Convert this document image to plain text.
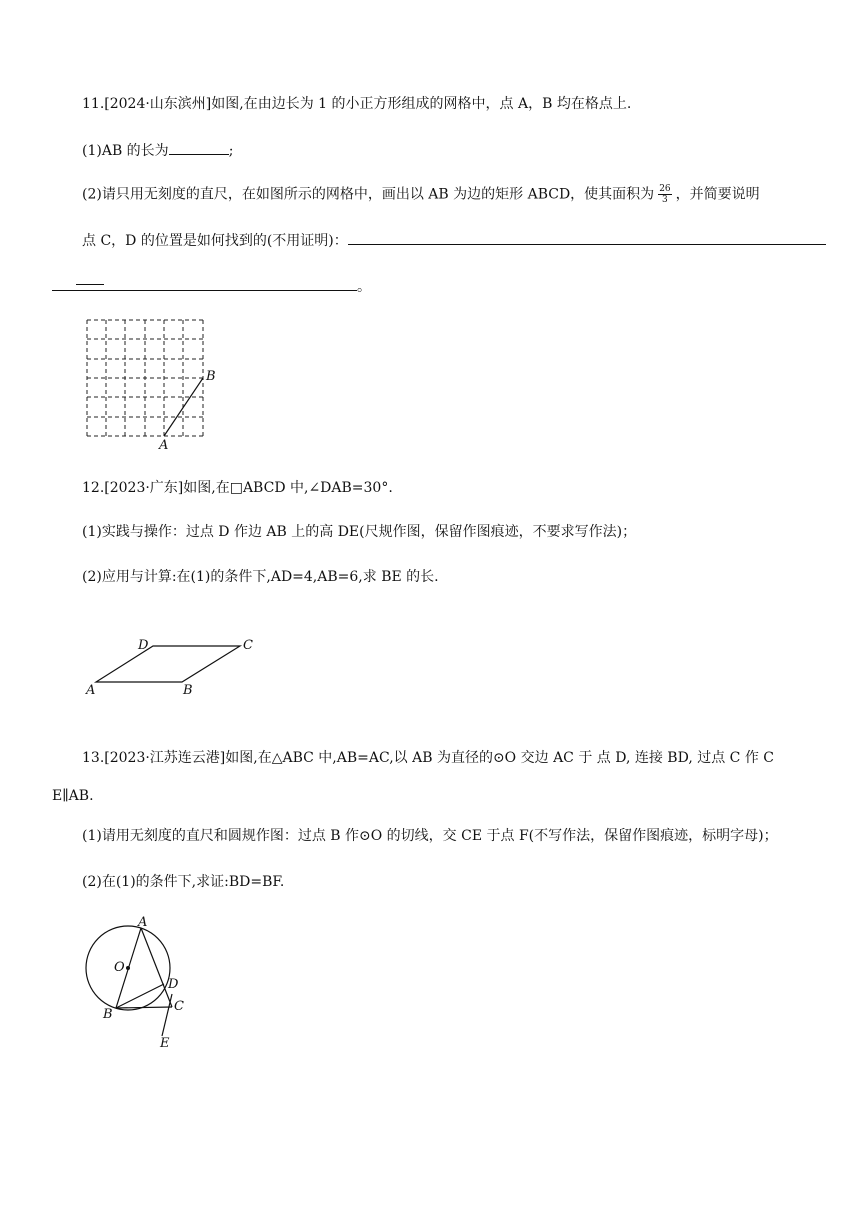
11.[2024·山东滨州]如图,在由边长为 1 的小正方形组成的网格中，点 A，B 均在格点上.
(1)AB 的长为	;
(2)请只用无刻度的直尺，在如图所示的网格中，画出以 AB 为边的矩形 ABCD，使其面积为 $\frac{26}{3}$ ，并简要说明
点 C，D 的位置是如何找到的(不用证明)：
。
A
B
12.[2023·广东]如图,在□ABCD 中,∠DAB=30°.
(1)实践与操作：过点 D 作边 AB 上的高 DE(尺规作图，保留作图痕迹，不要求写作法)；
(2)应用与计算:在(1)的条件下,AD=4,AB=6,求 BE 的长.
A	B
C
D
13.[2023·江苏连云港]如图,在△ABC 中,AB=AC,以 AB 为直径的⊙O 交边 AC 于 点 D, 连接 BD, 过点 C 作 C
E∥AB.
(1)请用无刻度的直尺和圆规作图：过点 B 作⊙O 的切线，交 CE 于点 F(不写作法，保留作图痕迹，标明字母)；
(2)在(1)的条件下,求证:BD=BF.
A
O
D
B
C
E
